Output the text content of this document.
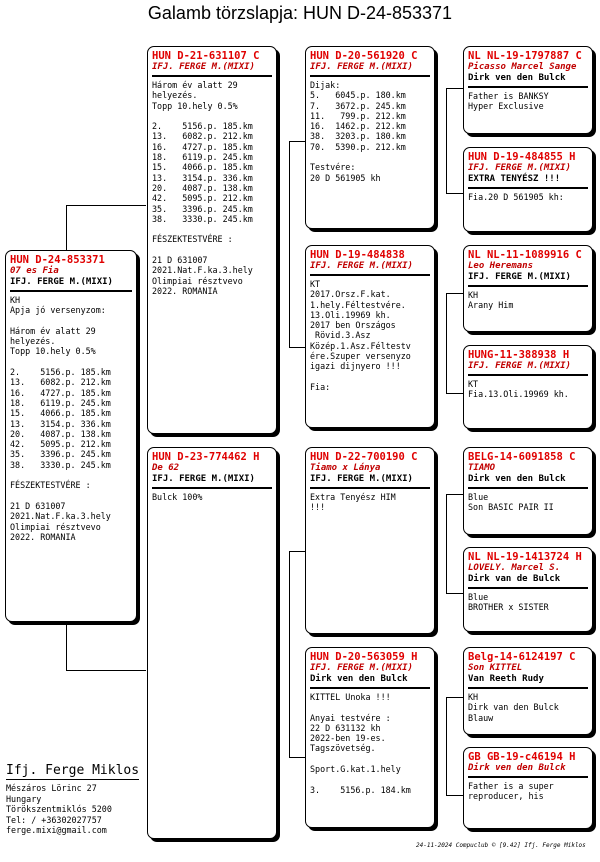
Galamb törzslapja: HUN D-24-853371
HUN D-24-853371
07 es Fia
IFJ. FERGE M.(MIXI)
KH
Apja jó versenyzom:
Három év alatt 29
helyezés.
Topp 10.hely 0.5%
2.    5156.p. 185.km
13.   6082.p. 212.km
16.   4727.p. 185.km
18.   6119.p. 245.km
15.   4066.p. 185.km
13.   3154.p. 336.km
20.   4087.p. 138.km
42.   5095.p. 212.km
35.   3396.p. 245.km
38.   3330.p. 245.km
FÉSZEKTESTVÉRE :
21 D 631007
2021.Nat.F.ka.3.hely
Olimpiai résztvevo
2022. ROMANIA
HUN D-21-631107 C
IFJ. FERGE M.(MIXI)
Három év alatt 29
helyezés.
Topp 10.hely 0.5%
2.    5156.p. 185.km
13.   6082.p. 212.km
16.   4727.p. 185.km
18.   6119.p. 245.km
15.   4066.p. 185.km
13.   3154.p. 336.km
20.   4087.p. 138.km
42.   5095.p. 212.km
35.   3396.p. 245.km
38.   3330.p. 245.km
FÉSZEKTESTVÉRE :
21 D 631007
2021.Nat.F.ka.3.hely
Olimpiai résztvevo
2022. ROMANIA
HUN D-23-774462 H
De 62
IFJ. FERGE M.(MIXI)
Bulck 100%
HUN D-20-561920 C
IFJ. FERGE M.(MIXI)
Dijak:
5.   6045.p. 180.km
7.   3672.p. 245.km
11.   799.p. 212.km
16.  1462.p. 212.km
38.  3203.p. 180.km
70.  5390.p. 212.km
Testvére:
20 D 561905 kh
HUN D-19-484838
IFJ. FERGE M.(MIXI)
KT
2017.Orsz.F.kat.
1.hely.Féltestvére.
13.Oli.19969 kh.
2017 ben Országos
Rövid.3.Asz
Közép.1.Asz.Féltestv
ére.Szuper versenyzo
igazi dijnyero !!!
Fia:
HUN D-22-700190 C
Tiamo x Lánya
IFJ. FERGE M.(MIXI)
Extra Tenyész HIM
!!!
HUN D-20-563059 H
IFJ. FERGE M.(MIXI)
Dirk ven den Bulck
KITTEL Unoka !!!
Anyai testvére :
22 D 631132 kh
2022-ben 19-es.
Tagszövetség.
Sport.G.kat.1.hely
3.    5156.p. 184.km
NL NL-19-1797887 C
Picasso Marcel Sange
Dirk ven den Bulck
Father is BANKSY
Hyper Exclusive
HUN D-19-484855 H
IFJ. FERGE M.(MIXI)
EXTRA TENYÉSZ !!!
Fia.20 D 561905 kh:
NL NL-11-1089916 C
Leo Heremans
IFJ. FERGE M.(MIXI)
KH
Arany Him
HUNG-11-388938 H
IFJ. FERGE M.(MIXI)
KT
Fia.13.Oli.19969 kh.
BELG-14-6091858 C
TIAMO
Dirk ven den Bulck
Blue
Son BASIC PAIR II
NL NL-19-1413724 H
LOVELY. Marcel S.
Dirk van de Bulck
Blue
BROTHER x SISTER
Belg-14-6124197 C
Son KITTEL
Van Reeth Rudy
KH
Dirk van den Bulck
Blauw
GB GB-19-c46194 H
Dirk ven den Bulck
Father is a super
reproducer, his
Ifj. Ferge Miklos
Mészáros Lörinc 27
Hungary
Törökszentmiklós 5200
Tel: / +36302027757
ferge.mixi@gmail.com
24-11-2024 Compuclub © [9.42] Ifj. Ferge Miklos
